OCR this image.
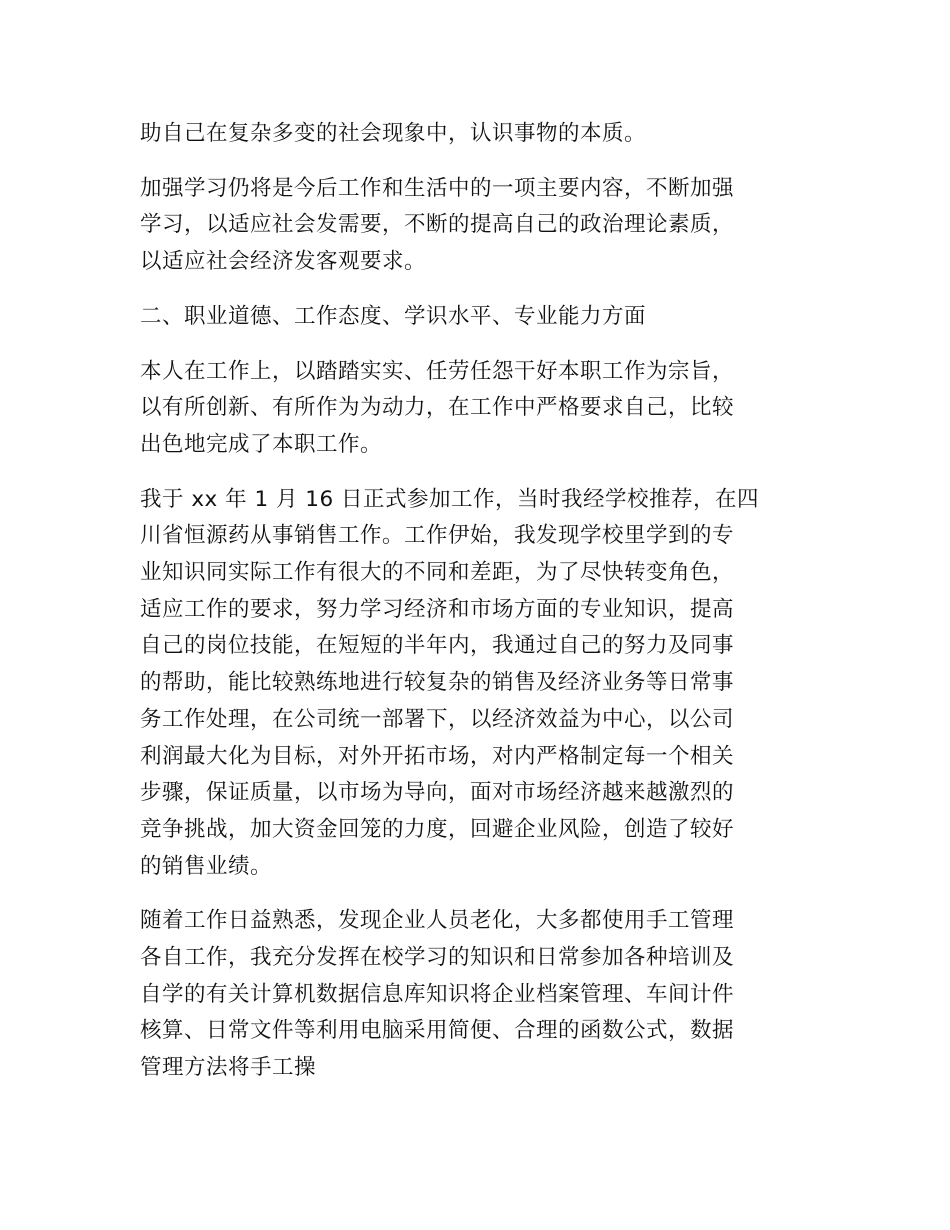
助自己在复杂多变的社会现象中，认识事物的本质。

加强学习仍将是今后工作和生活中的一项主要内容，不断加强
学习，以适应社会发需要，不断的提高自己的政治理论素质，
以适应社会经济发客观要求。

二、职业道德、工作态度、学识水平、专业能力方面

本人在工作上，以踏踏实实、任劳任怨干好本职工作为宗旨，
以有所创新、有所作为为动力，在工作中严格要求自己，比较
出色地完成了本职工作。

我于 xx 年 1 月 16 日正式参加工作，当时我经学校推荐，在四
川省恒源药从事销售工作。工作伊始，我发现学校里学到的专
业知识同实际工作有很大的不同和差距，为了尽快转变角色，
适应工作的要求，努力学习经济和市场方面的专业知识，提高
自己的岗位技能，在短短的半年内，我通过自己的努力及同事
的帮助，能比较熟练地进行较复杂的销售及经济业务等日常事
务工作处理，在公司统一部署下，以经济效益为中心，以公司
利润最大化为目标，对外开拓市场，对内严格制定每一个相关
步骤，保证质量，以市场为导向，面对市场经济越来越激烈的
竞争挑战，加大资金回笼的力度，回避企业风险，创造了较好
的销售业绩。

随着工作日益熟悉，发现企业人员老化，大多都使用手工管理
各自工作，我充分发挥在校学习的知识和日常参加各种培训及
自学的有关计算机数据信息库知识将企业档案管理、车间计件
核算、日常文件等利用电脑采用简便、合理的函数公式，数据
管理方法将手工操
